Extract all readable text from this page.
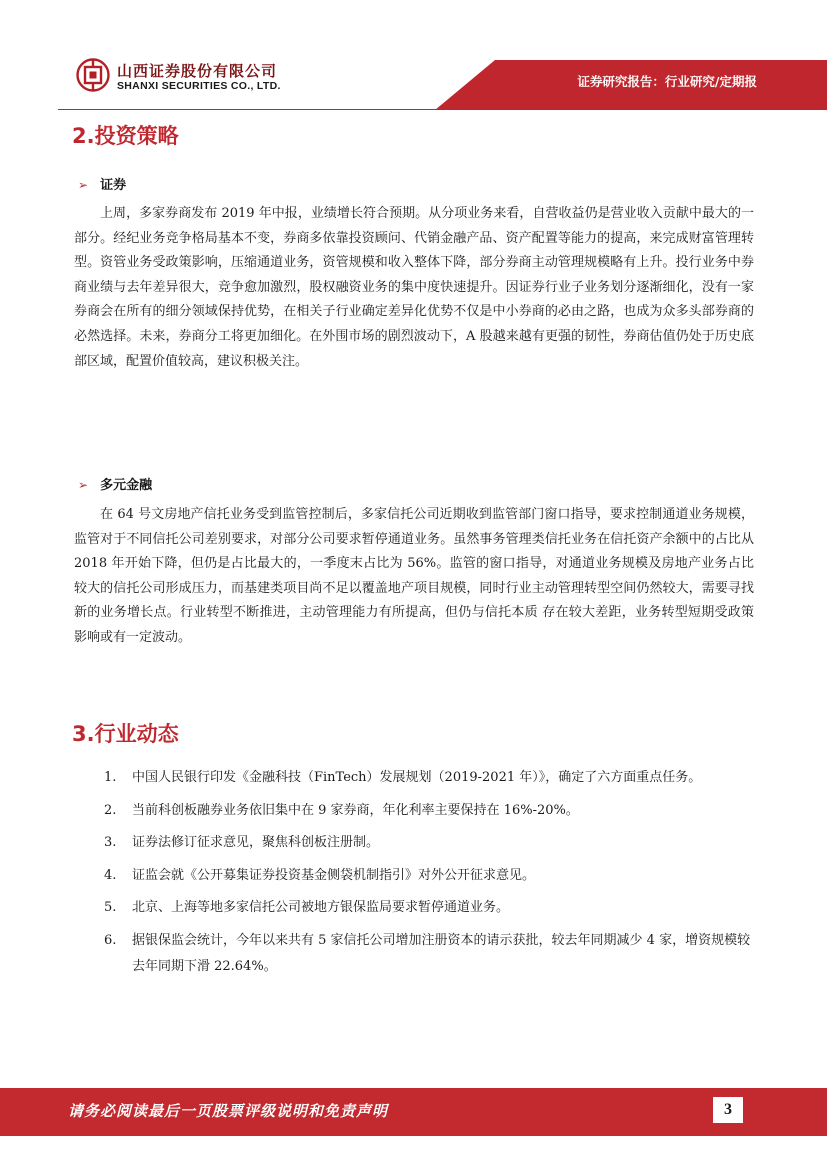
山西证券股份有限公司
SHANXI SECURITIES CO., LTD.	证券研究报告：行业研究/定期报
2.投资策略
➢ 证券
上周，多家券商发布 2019 年中报，业绩增长符合预期。从分项业务来看，自营收益仍是营业收入贡献中最大的一部分。经纪业务竞争格局基本不变，券商多依靠投资顾问、代销金融产品、资产配置等能力的提高，来完成财富管理转型。资管业务受政策影响，压缩通道业务，资管规模和收入整体下降，部分券商主动管理规模略有上升。投行业务中券商业绩与去年差异很大，竞争愈加激烈，股权融资业务的集中度快速提升。因证券行业子业务划分逐渐细化，没有一家券商会在所有的细分领域保持优势，在相关子行业确定差异化优势不仅是中小券商的必由之路，也成为众多头部券商的必然选择。未来，券商分工将更加细化。在外围市场的剧烈波动下，A 股越来越有更强的韧性，券商估值仍处于历史底部区域，配置价值较高，建议积极关注。
➢ 多元金融
在 64 号文房地产信托业务受到监管控制后，多家信托公司近期收到监管部门窗口指导，要求控制通道业务规模，监管对于不同信托公司差别要求，对部分公司要求暂停通道业务。虽然事务管理类信托业务在信托资产余额中的占比从 2018 年开始下降，但仍是占比最大的，一季度末占比为 56%。监管的窗口指导，对通道业务规模及房地产业务占比较大的信托公司形成压力，而基建类项目尚不足以覆盖地产项目规模，同时行业主动管理转型空间仍然较大，需要寻找新的业务增长点。行业转型不断推进，主动管理能力有所提高，但仍与信托本质 存在较大差距，业务转型短期受政策影响或有一定波动。
3.行业动态
1. 中国人民银行印发《金融科技（FinTech）发展规划（2019-2021 年）》，确定了六方面重点任务。
2. 当前科创板融券业务依旧集中在 9 家券商，年化利率主要保持在 16%-20%。
3. 证券法修订征求意见，聚焦科创板注册制。
4. 证监会就《公开募集证券投资基金侧袋机制指引》对外公开征求意见。
5. 北京、上海等地多家信托公司被地方银保监局要求暂停通道业务。
6. 据银保监会统计，今年以来共有 5 家信托公司增加注册资本的请示获批，较去年同期减少 4 家，增资规模较去年同期下滑 22.64%。
请务必阅读最后一页股票评级说明和免责声明	3
